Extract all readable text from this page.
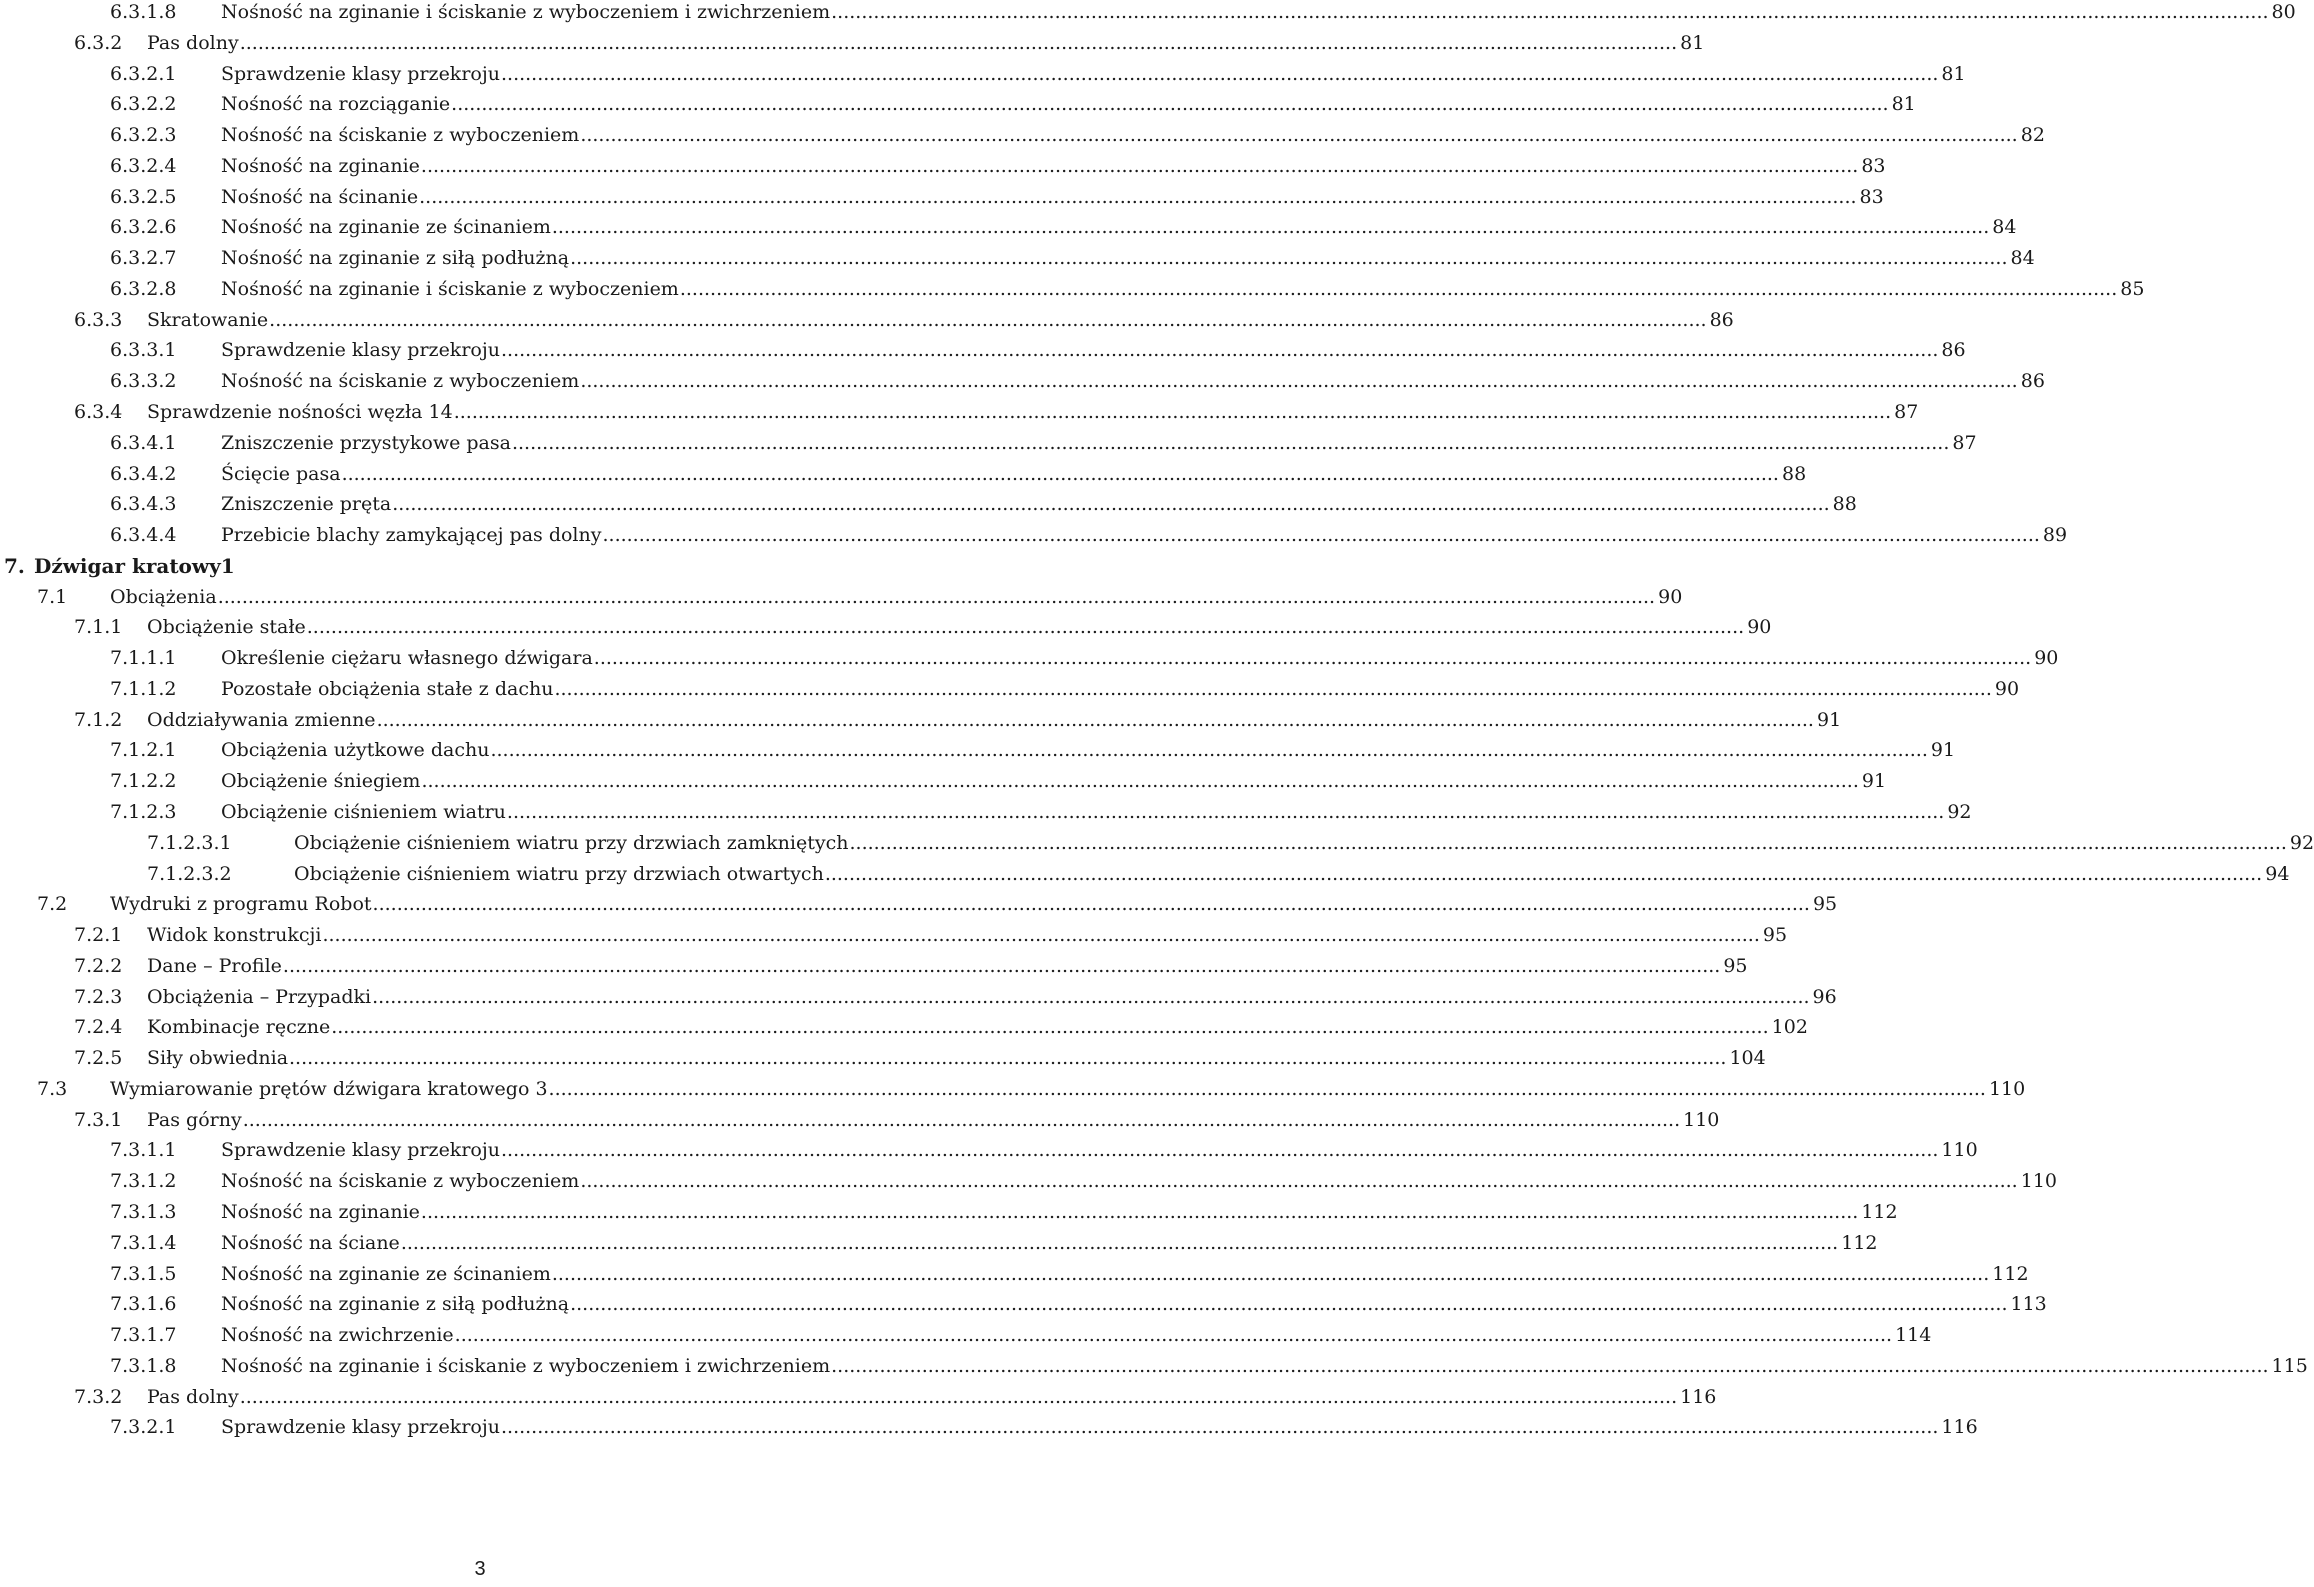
6.3.1.8	Nośność na zginanie i ściskanie z wyboczeniem i zwichrzeniem .....	80
6.3.2	Pas dolny .....	81
6.3.2.1	Sprawdzenie klasy przekroju .....	81
6.3.2.2	Nośność na rozciąganie .....	81
6.3.2.3	Nośność na ściskanie z wyboczeniem .....	82
6.3.2.4	Nośność na zginanie .....	83
6.3.2.5	Nośność na ścinanie .....	83
6.3.2.6	Nośność na zginanie ze ścinaniem .....	84
6.3.2.7	Nośność na zginanie z siłą podłużną .....	84
6.3.2.8	Nośność na zginanie i ściskanie z wyboczeniem .....	85
6.3.3	Skratowanie .....	86
6.3.3.1	Sprawdzenie klasy przekroju .....	86
6.3.3.2	Nośność na ściskanie z wyboczeniem .....	86
6.3.4	Sprawdzenie nośności węzła 14 .....	87
6.3.4.1	Zniszczenie przystykowe pasa .....	87
6.3.4.2	Ścięcie pasa .....	88
6.3.4.3	Zniszczenie pręta .....	88
6.3.4.4	Przebicie blachy zamykającej pas dolny .....	89
7. Dźwigar kratowy1
7.1	Obciążenia .....	90
7.1.1	Obciążenie stałe .....	90
7.1.1.1	Określenie ciężaru własnego dźwigara .....	90
7.1.1.2	Pozostałe obciążenia stałe z dachu .....	90
7.1.2	Oddziaływania zmienne .....	91
7.1.2.1	Obciążenia użytkowe dachu .....	91
7.1.2.2	Obciążenie śniegiem .....	91
7.1.2.3	Obciążenie ciśnieniem wiatru .....	92
7.1.2.3.1	Obciążenie ciśnieniem wiatru przy drzwiach zamkniętych .....	92
7.1.2.3.2	Obciążenie ciśnieniem wiatru przy drzwiach otwartych .....	94
7.2	Wydruki z programu Robot .....	95
7.2.1	Widok konstrukcji .....	95
7.2.2	Dane – Profile .....	95
7.2.3	Obciążenia – Przypadki .....	96
7.2.4	Kombinacje ręczne .....	102
7.2.5	Siły obwiednia .....	104
7.3	Wymiarowanie prętów dźwigara kratowego 3 .....	110
7.3.1	Pas górny .....	110
7.3.1.1	Sprawdzenie klasy przekroju .....	110
7.3.1.2	Nośność na ściskanie z wyboczeniem .....	110
7.3.1.3	Nośność na zginanie .....	112
7.3.1.4	Nośność na ściane .....	112
7.3.1.5	Nośność na zginanie ze ścinaniem .....	112
7.3.1.6	Nośność na zginanie z siłą podłużną .....	113
7.3.1.7	Nośność na zwichrzenie .....	114
7.3.1.8	Nośność na zginanie i ściskanie z wyboczeniem i zwichrzeniem .....	115
7.3.2	Pas dolny .....	116
7.3.2.1	Sprawdzenie klasy przekroju .....	116
3
